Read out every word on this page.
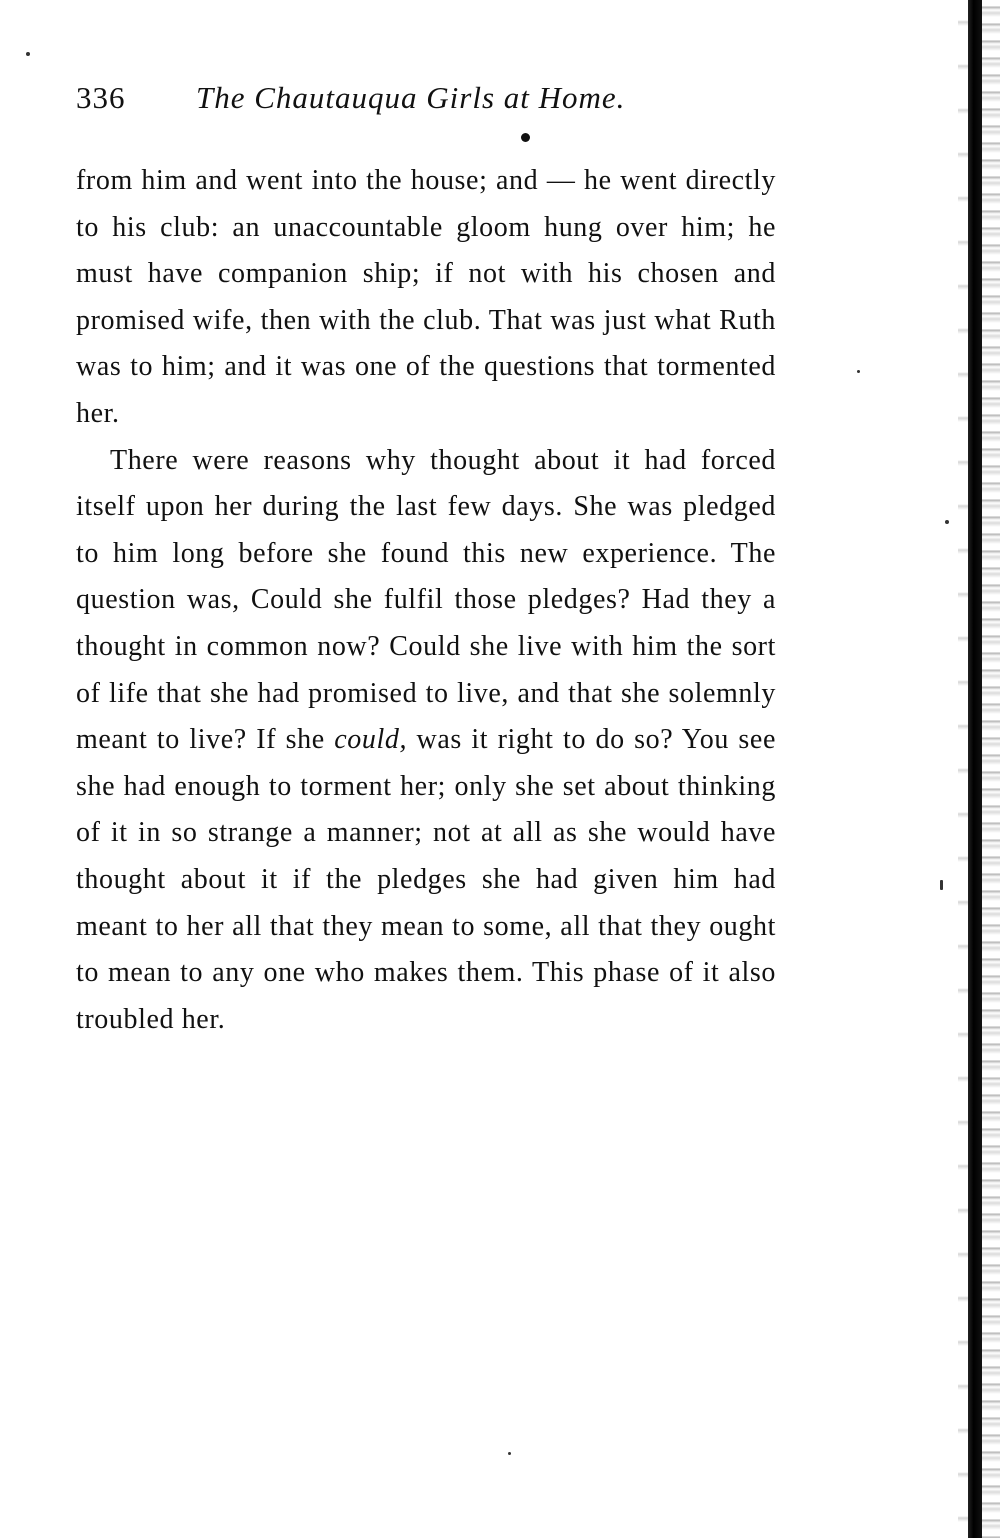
336 The Chautauqua Girls at Home.

from him and went into the house; and — he went directly to his club: an unaccountable gloom hung over him; he must have companion ship; if not with his chosen and promised wife, then with the club. That was just what Ruth was to him; and it was one of the questions that tormented her.

There were reasons why thought about it had forced itself upon her during the last few days. She was pledged to him long before she found this new experience. The question was, Could she fulfil those pledges? Had they a thought in common now? Could she live with him the sort of life that she had promised to live, and that she solemnly meant to live? If she could, was it right to do so? You see she had enough to torment her; only she set about thinking of it in so strange a manner; not at all as she would have thought about it if the pledges she had given him had meant to her all that they mean to some, all that they ought to mean to any one who makes them. This phase of it also troubled her.
